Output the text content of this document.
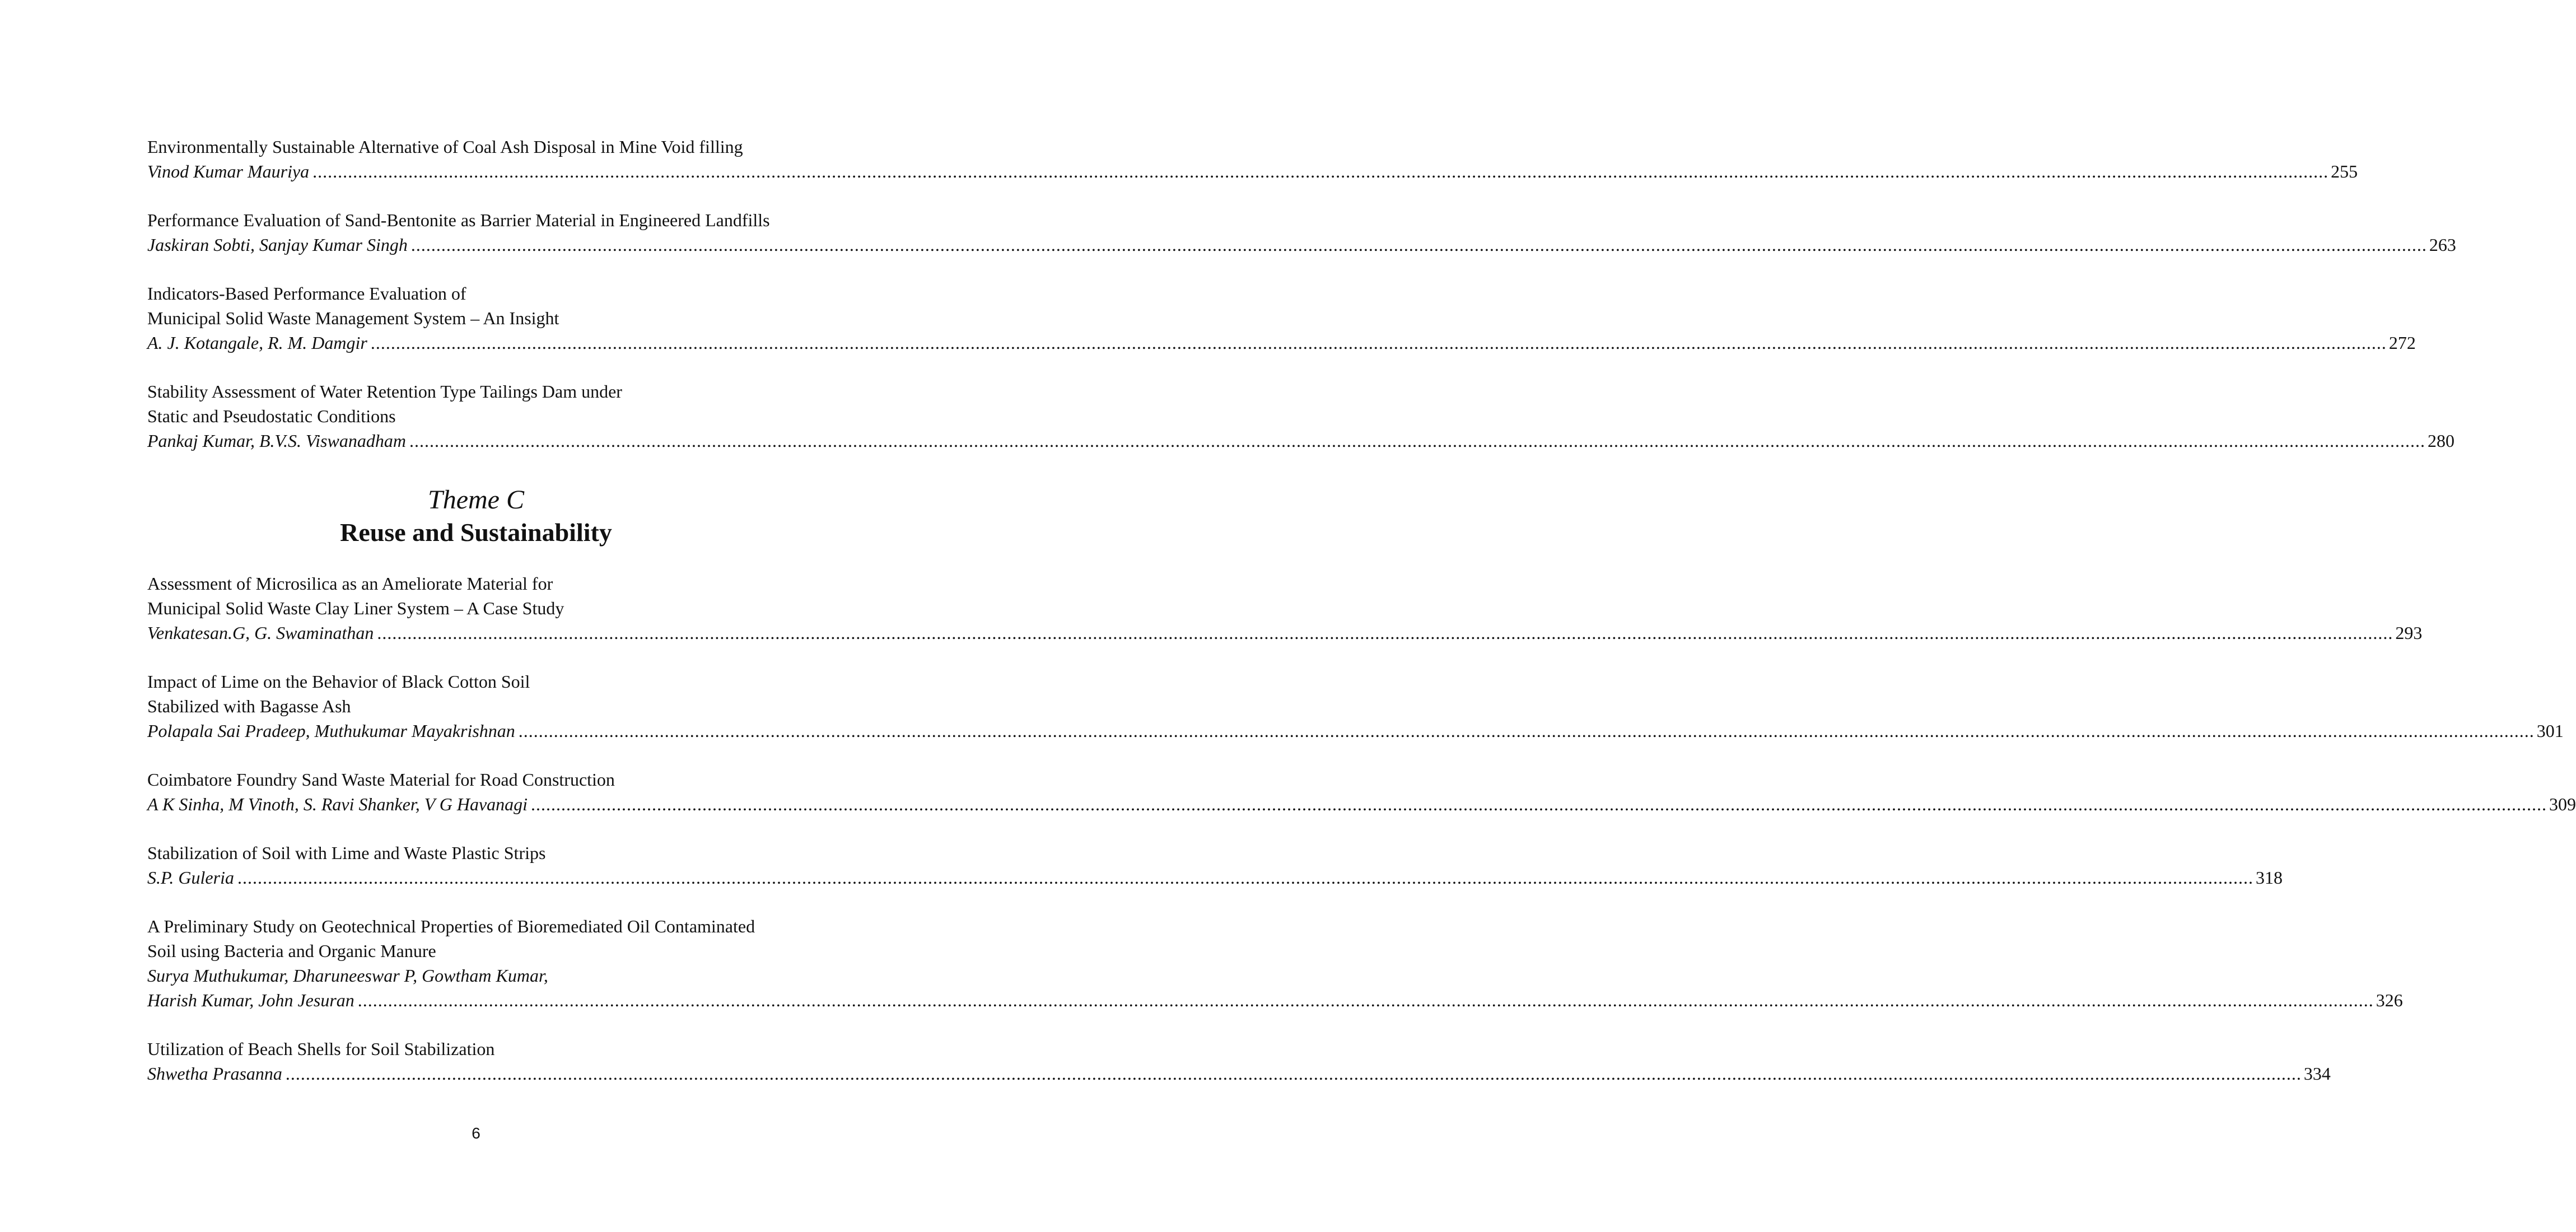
Environmentally Sustainable Alternative of Coal Ash Disposal in Mine Void filling
Vinod Kumar Mauriya ................................................................................................................................................................................................................................................................................................................................................................................................................ 255
Performance Evaluation of Sand-Bentonite as Barrier Material in Engineered Landfills
Jaskiran Sobti, Sanjay Kumar Singh ................................................................................................................................................................................................................................................................................................................................................................................................................ 263
Indicators-Based Performance Evaluation of
Municipal Solid Waste Management System – An Insight
A. J. Kotangale, R. M. Damgir ................................................................................................................................................................................................................................................................................................................................................................................................................ 272
Stability Assessment of Water Retention Type Tailings Dam under
Static and Pseudostatic Conditions
Pankaj Kumar, B.V.S. Viswanadham ................................................................................................................................................................................................................................................................................................................................................................................................................ 280
Theme C
Reuse and Sustainability
Assessment of Microsilica as an Ameliorate Material for
Municipal Solid Waste Clay Liner System – A Case Study
Venkatesan.G, G. Swaminathan ................................................................................................................................................................................................................................................................................................................................................................................................................ 293
Impact of Lime on the Behavior of Black Cotton Soil
Stabilized with Bagasse Ash
Polapala Sai Pradeep, Muthukumar Mayakrishnan ................................................................................................................................................................................................................................................................................................................................................................................................................ 301
Coimbatore Foundry Sand Waste Material for Road Construction
A K Sinha, M Vinoth, S. Ravi Shanker, V G Havanagi ................................................................................................................................................................................................................................................................................................................................................................................................................ 309
Stabilization of Soil with Lime and Waste Plastic Strips
S.P. Guleria ................................................................................................................................................................................................................................................................................................................................................................................................................ 318
A Preliminary Study on Geotechnical Properties of Bioremediated Oil Contaminated
Soil using Bacteria and Organic Manure
Surya Muthukumar, Dharuneeswar P, Gowtham Kumar,
Harish Kumar, John Jesuran ................................................................................................................................................................................................................................................................................................................................................................................................................ 326
Utilization of Beach Shells for Soil Stabilization
Shwetha Prasanna ................................................................................................................................................................................................................................................................................................................................................................................................................ 334
6
